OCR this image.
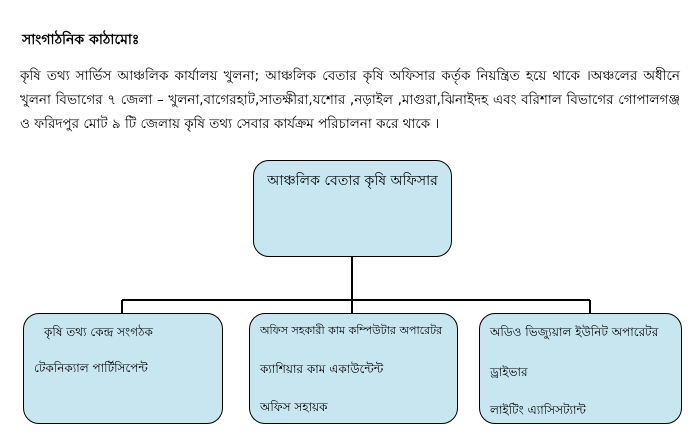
সাংগাঠনিক কাঠামোঃ
কৃষি তথ্য সার্ভিস আঞ্চলিক কার্যালয় খুলনা; আঞ্চলিক বেতার কৃষি অফিসার কর্তৃক নিয়ন্ত্রিত হয়ে থাকে ।অঞ্চলের অধীনে খুলনা বিভাগের ৭ জেলা – খুলনা,বাগেরহাট,সাতক্ষীরা,যশোর ,নড়াইল ,মাগুরা,ঝিনাইদহ এবং বরিশাল বিভাগের গোপালগঞ্জ ও ফরিদপুর মোট ৯ টি জেলায় কৃষি তথ্য সেবার কার্যক্রম পরিচালনা করে থাকে ।
আঞ্চলিক বেতার কৃষি অফিসার
কৃষি তথ্য কেন্দ্র সংগঠক
টেকনিক্যাল পার্টিসিপেন্ট
অফিস সহকারী কাম কম্পিউটার অপারেটর
ক্যাশিয়ার কাম একাউন্টেন্ট
অফিস সহায়ক
অডিও ভিজ্যুয়াল ইউনিট অপারেটর
ড্রাইভার
লাইটিং এ্যাসিসট্যান্ট
